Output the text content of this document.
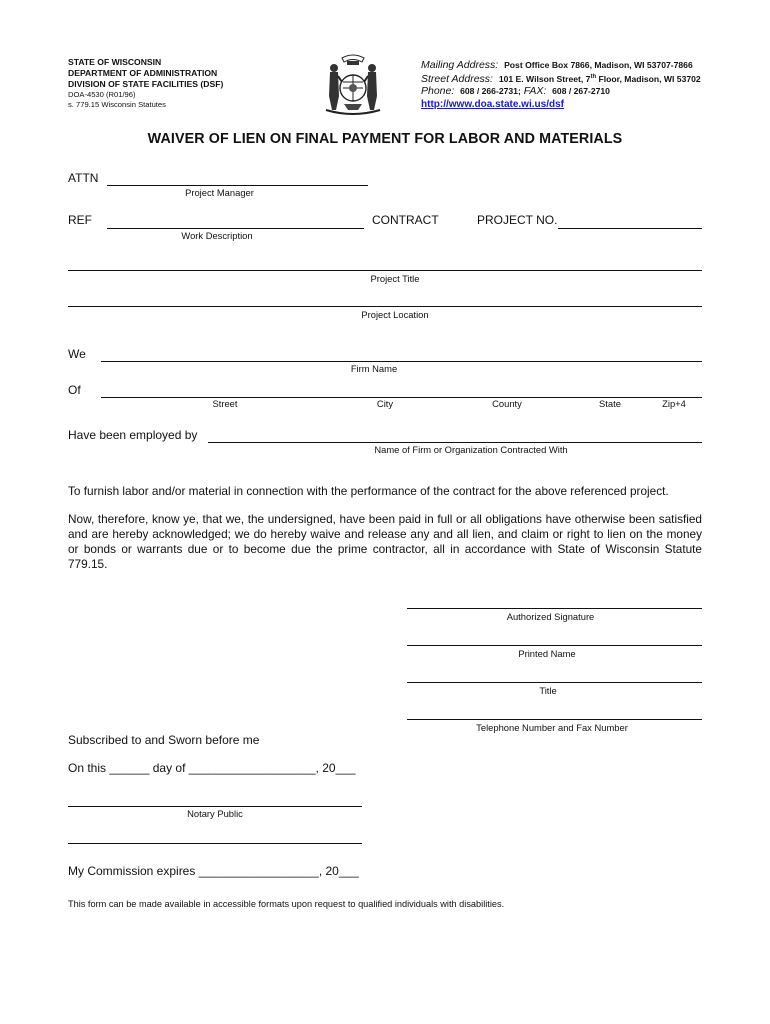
STATE OF WISCONSIN
DEPARTMENT OF ADMINISTRATION
DIVISION OF STATE FACILITIES (DSF)
DOA-4530 (R01/96)
s. 779.15 Wisconsin Statutes
Mailing Address: Post Office Box 7866, Madison, WI 53707-7866
Street Address: 101 E. Wilson Street, 7th Floor, Madison, WI 53702
Phone: 608 / 266-2731; FAX: 608 / 267-2710
http://www.doa.state.wi.us/dsf
WAIVER OF LIEN ON FINAL PAYMENT FOR LABOR AND MATERIALS
ATTN
Project Manager
REF
Work Description
CONTRACT	PROJECT NO.
Project Title
Project Location
We
Firm Name
Of
Street	City	County	State	Zip+4
Have been employed by
Name of Firm or Organization Contracted With
To furnish labor and/or material in connection with the performance of the contract for the above referenced project.
Now, therefore, know ye, that we, the undersigned, have been paid in full or all obligations have otherwise been satisfied and are hereby acknowledged; we do hereby waive and release any and all lien, and claim or right to lien on the money or bonds or warrants due or to become due the prime contractor, all in accordance with State of Wisconsin Statute 779.15.
Authorized Signature
Printed Name
Title
Telephone Number and Fax Number
Subscribed to and Sworn before me
On this ______ day of ___________________, 20___
Notary Public
My Commission expires __________________, 20___
This form can be made available in accessible formats upon request to qualified individuals with disabilities.
